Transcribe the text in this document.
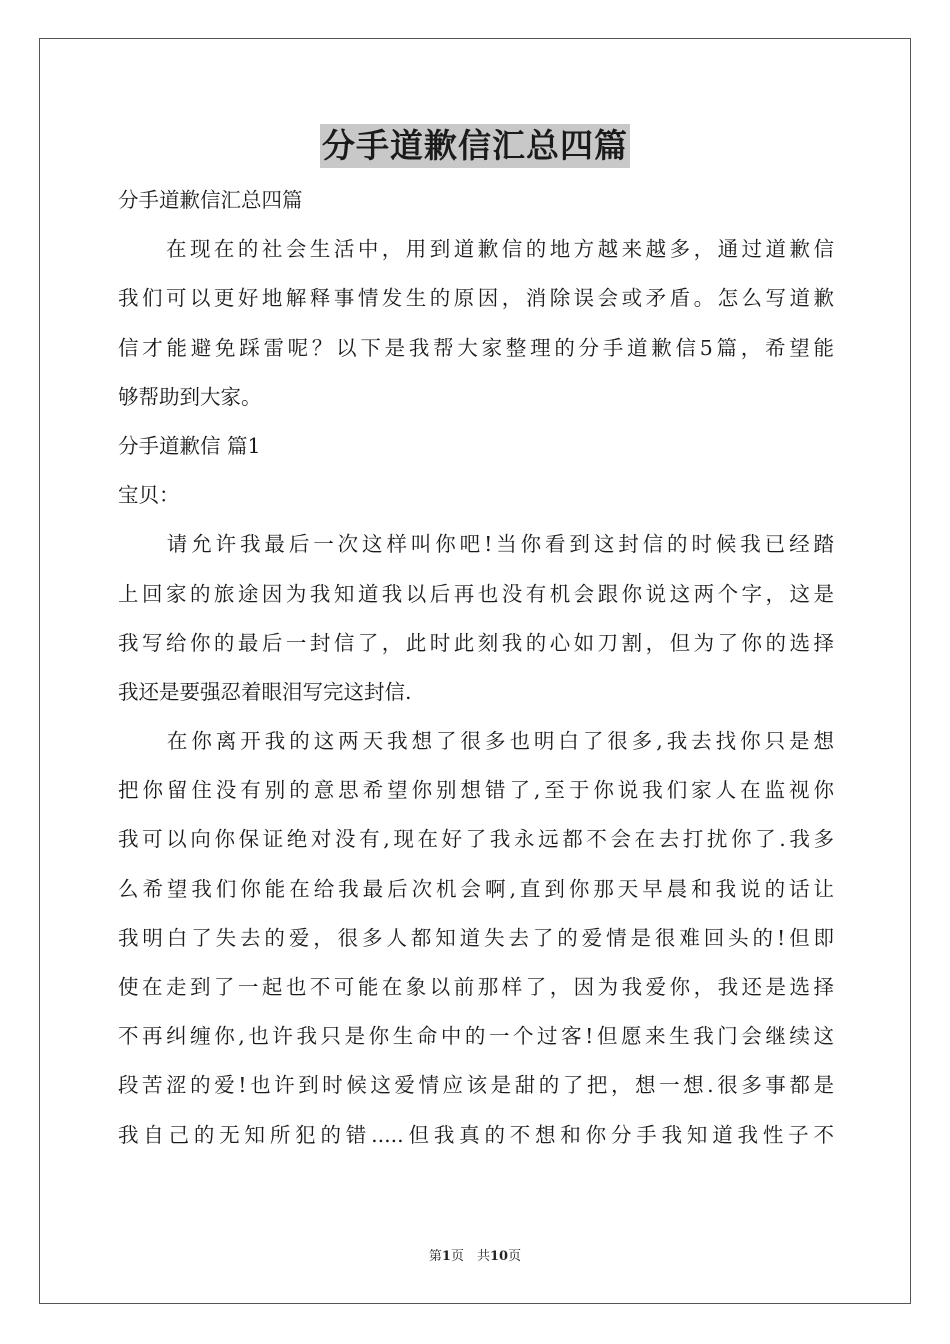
分手道歉信汇总四篇
分手道歉信汇总四篇
　　在现在的社会生活中，用到道歉信的地方越来越多，通过道歉信
我们可以更好地解释事情发生的原因，消除误会或矛盾。怎么写道歉
信才能避免踩雷呢？以下是我帮大家整理的分手道歉信5篇，希望能
够帮助到大家。
分手道歉信 篇1
宝贝：
　　请允许我最后一次这样叫你吧!当你看到这封信的时候我已经踏
上回家的旅途因为我知道我以后再也没有机会跟你说这两个字，这是
我写给你的最后一封信了，此时此刻我的心如刀割，但为了你的选择
我还是要强忍着眼泪写完这封信.
　　在你离开我的这两天我想了很多也明白了很多,我去找你只是想
把你留住没有别的意思希望你别想错了,至于你说我们家人在监视你
我可以向你保证绝对没有,现在好了我永远都不会在去打扰你了.我多
么希望我们你能在给我最后次机会啊,直到你那天早晨和我说的话让
我明白了失去的爱，很多人都知道失去了的爱情是很难回头的!但即
使在走到了一起也不可能在象以前那样了，因为我爱你，我还是选择
不再纠缠你,也许我只是你生命中的一个过客!但愿来生我门会继续这
段苦涩的爱!也许到时候这爱情应该是甜的了把，想一想.很多事都是
我自己的无知所犯的错.....但我真的不想和你分手我知道我性子不
第1页　共10页
